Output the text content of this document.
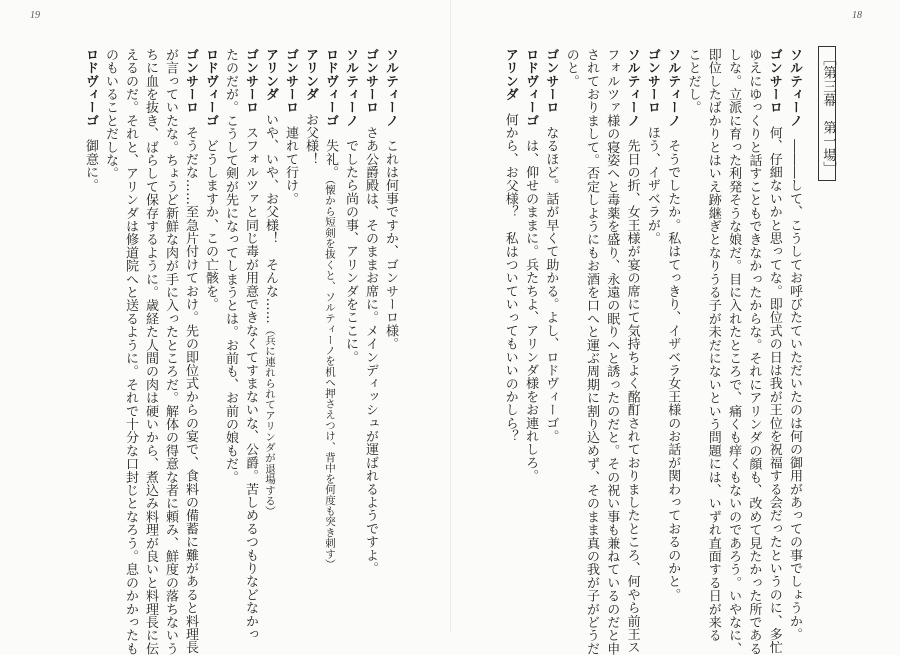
19	18
［第三幕　第一場］
ソルティーノ―――して、こうしてお呼びたていただいたのは何の御用があっての事でしょうか。
ゴンサーロ何、仔細ないかと思ってな。即位式の日は我が王位を祝福する会だったというのに、多忙
ゆえにゆっくりと話すこともできなかったからな。それにアリンダの顔も、改めて見たかった所である
しな。立派に育った利発そうな娘だ。目に入れたところで、痛くも痒くもないのであろう。いやなに、
即位したばかりとはいえ跡継ぎとなりうる子が未だにないという問題には、いずれ直面する日が来る
ことだし。
ソルティーノそうでしたか。私はてっきり、イザベラ女王様のお話が関わっておるのかと。
ゴンサーロほう、イザベラが。
ソルティーノ先日の折、女王様が宴の席にて気持ちよく酩酊されておりましたところ、何やら前王ス
フォルツァ様の寝姿へと毒薬を盛り、永遠の眠りへと誘ったのだと。その祝い事も兼ねているのだと申
されておりまして。否定しようにもお酒を口へと運ぶ周期に割り込めず、そのまま真の我が子がどうだ
のと。
ゴンサーロなるほど。話が早くて助かる。よし、ロドヴィーゴ。
ロドヴィーゴは、仰せのままに。兵たちよ、アリンダ様をお連れしろ。
アリンダ何から、お父様？　私はついていってもいいのかしら？
ソルティーノこれは何事ですか、ゴンサーロ様。
ゴンサーロさあ公爵殿は、そのままお席に。メインディッシュが運ばれるようですよ。
ソルティーノでしたら尚の事、アリンダをここに。
ロドヴィーゴ失礼。（懐から短剣を抜くと、ソルティーノを机へ押さえつけ、背中を何度も突き刺す）
アリンダお父様！
ゴンサーロ連れて行け。
アリンダいや、いや、お父様！　そんな……（兵に連れられてアリンダが退場する）
ゴンサーロスフォルツァと同じ毒が用意できなくてすまないな、公爵。苦しめるつもりなどなかっ
たのだが。こうして剣が先になってしまうとは。お前も、お前の娘もだ。
ロドヴィーゴどうしますか、この亡骸を。
ゴンサーロそうだな……至急片付けておけ。先の即位式からの宴で、食料の備蓄に難があると料理長
が言っていたな。ちょうど新鮮な肉が手に入ったところだ。解体の得意な者に頼み、鮮度の落ちないう
ちに血を抜き、ばらして保存するように。歳経た人間の肉は硬いから、煮込み料理が良いと料理長に伝
えるのだ。それと、アリンダは修道院へと送るように。それで十分な口封じとなろう。息のかかったも
のもいることだしな。
ロドヴィーゴ御意に。
